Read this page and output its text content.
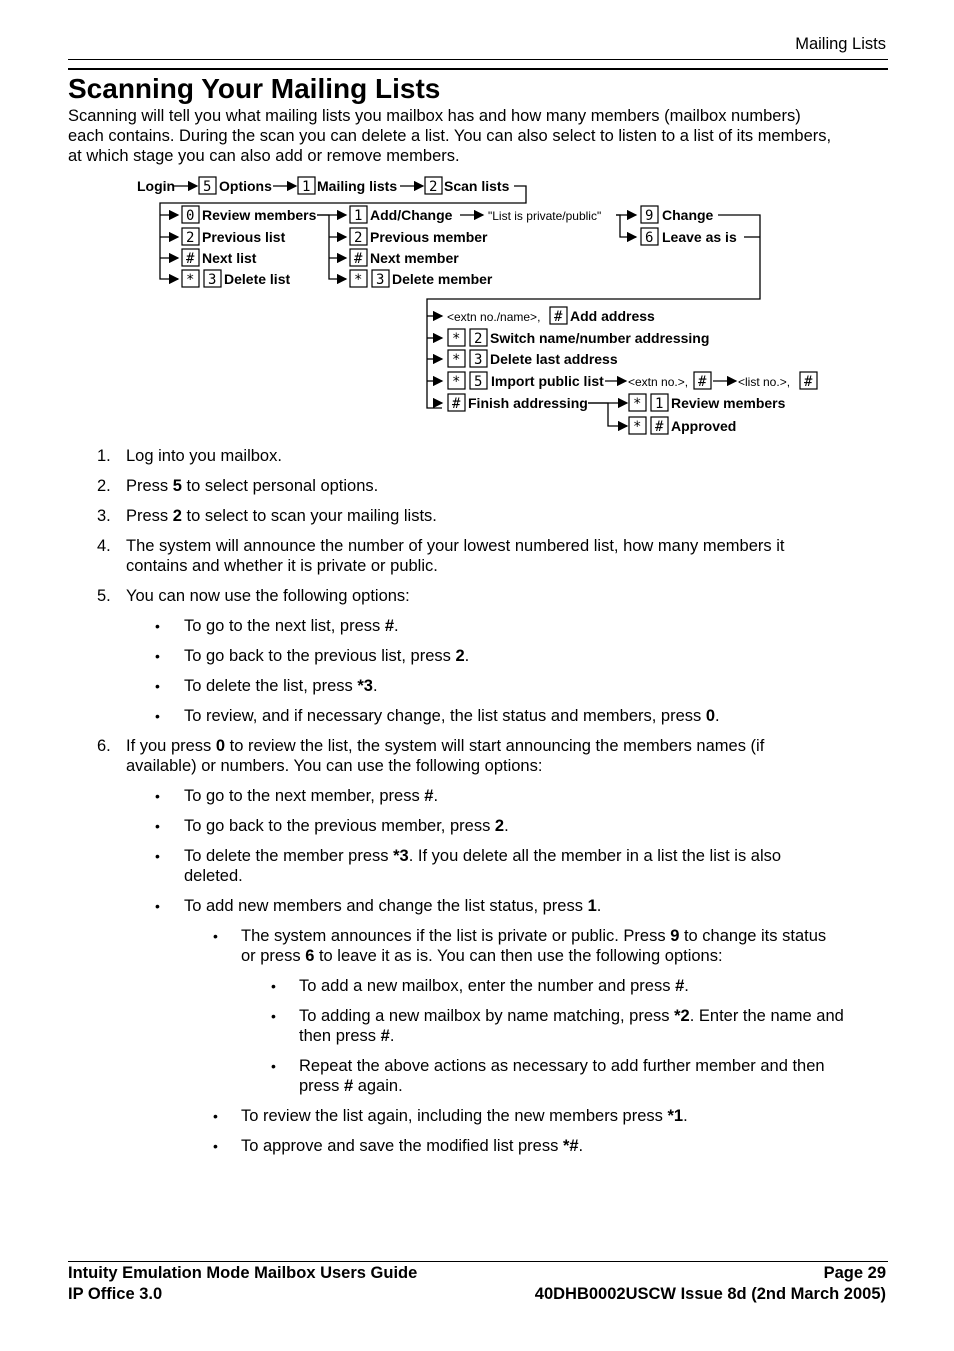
Mailing Lists
Scanning Your Mailing Lists

Scanning will tell you what mailing lists you mailbox has and how many members (mailbox numbers)
each contains. During the scan you can delete a list. You can also select to listen to a list of its members,
at which stage you can also add or remove members.

Login 5 Options 1 Mailing lists 2 Scan lists
0 Review members
2 Previous list
# Next list
* 3 Delete list
1 Add/Change	"List is private/public"
2 Previous member
# Next member
* 3 Delete member
9 Change
6 Leave as is
<extn no./name>, # Add address
* 2 Switch name/number addressing
* 3 Delete last address
* 5 Import public list <extn no.>, #	<list no.>, #
# Finish addressing	* 1 Review members
* # Approved
1. Log into you mailbox.
2. Press 5 to select personal options.
3. Press 2 to select to scan your mailing lists.
4. The system will announce the number of your lowest numbered list, how many members it
contains and whether it is private or public.
5. You can now use the following options:
• To go to the next list, press #.
• To go back to the previous list, press 2.
• To delete the list, press *3.
• To review, and if necessary change, the list status and members, press 0.
6. If you press 0 to review the list, the system will start announcing the members names (if
available) or numbers. You can use the following options:
• To go to the next member, press #.
• To go back to the previous member, press 2.
• To delete the member press *3. If you delete all the member in a list the list is also
deleted.
• To add new members and change the list status, press 1.
• The system announces if the list is private or public. Press 9 to change its status
or press 6 to leave it as is. You can then use the following options:
• To add a new mailbox, enter the number and press #.
• To adding a new mailbox by name matching, press *2. Enter the name and
then press #.
• Repeat the above actions as necessary to add further member and then
press # again.
• To review the list again, including the new members press *1.
• To approve and save the modified list press *#.
Intuity Emulation Mode Mailbox Users Guide
IP Office 3.0
Page 29
40DHB0002USCW Issue 8d (2nd March 2005)
